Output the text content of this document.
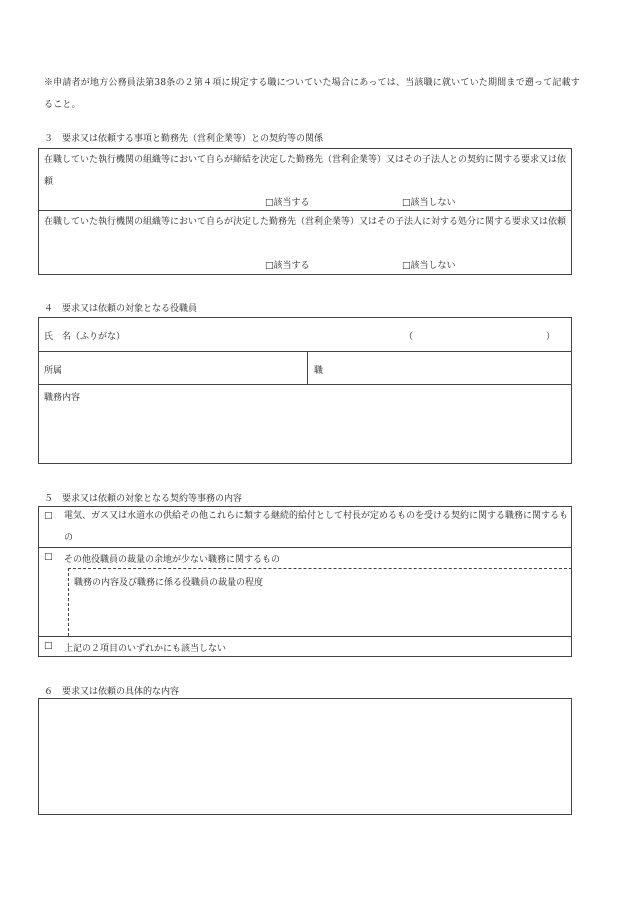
※申請者が地方公務員法第38条の２第４項に規定する職についていた場合にあっては、当該職に就いていた期間まで遡って記載すること。
３　要求又は依頼する事項と勤務先（営利企業等）との契約等の関係
在職していた執行機関の組織等において自らが締結を決定した勤務先（営利企業等）又はその子法人との契約に関する要求又は依頼
□該当する	□該当しない
在職していた執行機関の組織等において自らが決定した勤務先（営利企業等）又はその子法人に対する処分に関する要求又は依頼
□該当する	□該当しない
４　要求又は依頼の対象となる役職員
氏　名（ふりがな）	（	）
所属	職
職務内容
５　要求又は依頼の対象となる契約等事務の内容
□ 電気、ガス又は水道水の供給その他これらに類する継続的給付として村長が定めるものを受ける契約に関する職務に関するもの
□ その他役職員の裁量の余地が少ない職務に関するもの
職務の内容及び職務に係る役職員の裁量の程度
□ 上記の２項目のいずれかにも該当しない
６　要求又は依頼の具体的な内容
